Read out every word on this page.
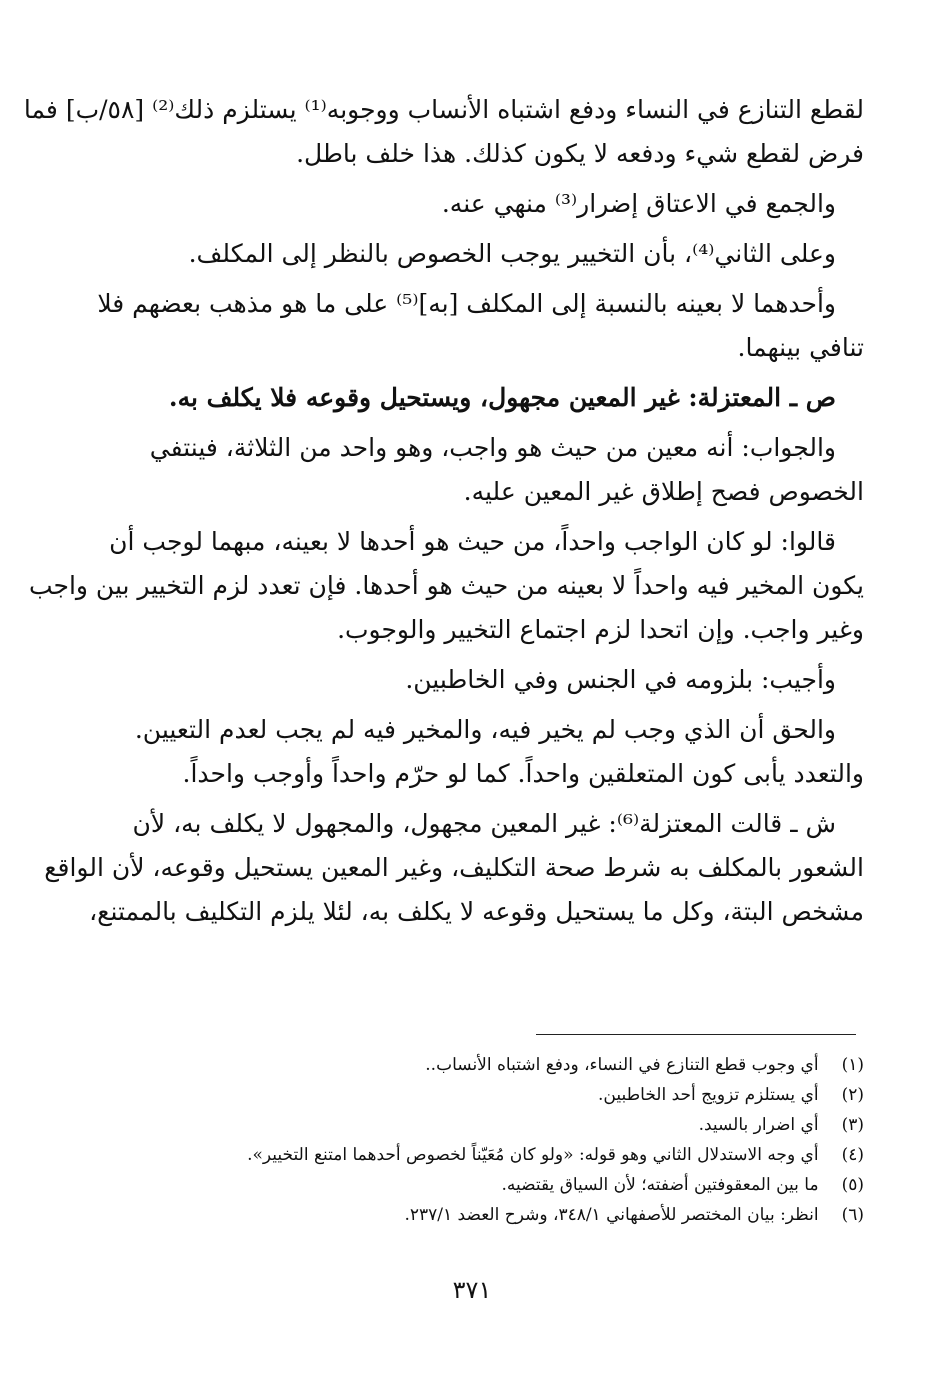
لقطع التنازع في النساء ودفع اشتباه الأنساب ووجوبه⁽¹⁾ يستلزم ذلك⁽²⁾ [٥٨/ب] فما
فرض لقطع شيء ودفعه لا يكون كذلك. هذا خلف باطل.
والجمع في الاعتاق إضرار⁽³⁾ منهي عنه.
وعلى الثاني⁽⁴⁾، بأن التخيير يوجب الخصوص بالنظر إلى المكلف.
وأحدهما لا بعينه بالنسبة إلى المكلف [به]⁽⁵⁾ على ما هو مذهب بعضهم فلا
تنافي بينهما.
ص ـ المعتزلة: غير المعين مجهول، ويستحيل وقوعه فلا يكلف به.
والجواب: أنه معين من حيث هو واجب، وهو واحد من الثلاثة، فينتفي
الخصوص فصح إطلاق غير المعين عليه.
قالوا: لو كان الواجب واحداً، من حيث هو أحدها لا بعينه، مبهما لوجب أن
يكون المخير فيه واحداً لا بعينه من حيث هو أحدها. فإن تعدد لزم التخيير بين واجب
وغير واجب. وإن اتحدا لزم اجتماع التخيير والوجوب.
وأجيب: بلزومه في الجنس وفي الخاطبين.
والحق أن الذي وجب لم يخير فيه، والمخير فيه لم يجب لعدم التعيين.
والتعدد يأبى كون المتعلقين واحداً. كما لو حرّم واحداً وأوجب واحداً.
ش ـ قالت المعتزلة⁽⁶⁾: غير المعين مجهول، والمجهول لا يكلف به، لأن
الشعور بالمكلف به شرط صحة التكليف، وغير المعين يستحيل وقوعه، لأن الواقع
مشخص البتة، وكل ما يستحيل وقوعه لا يكلف به، لئلا يلزم التكليف بالممتنع،
(١) أي وجوب قطع التنازع في النساء، ودفع اشتباه الأنساب..
(٢) أي يستلزم تزويج أحد الخاطبين.
(٣) أي اضرار بالسيد.
(٤) أي وجه الاستدلال الثاني وهو قوله: «ولو كان مُعَيّناً لخصوص أحدهما امتنع التخيير».
(٥) ما بين المعقوفتين أضفته؛ لأن السياق يقتضيه.
(٦) انظر: بيان المختصر للأصفهاني ٣٤٨/١، وشرح العضد ٢٣٧/١.
٣٧١
